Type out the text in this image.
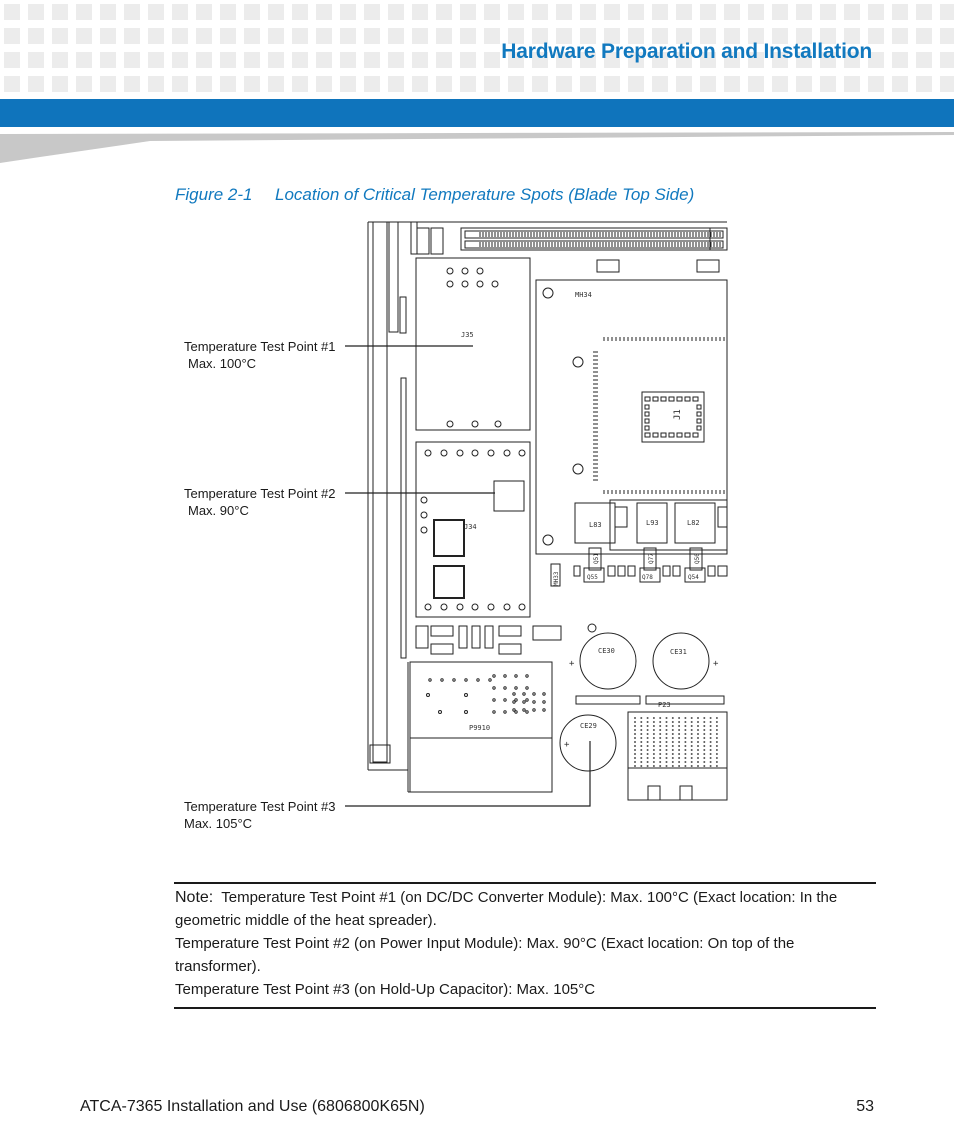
Hardware Preparation and Installation
Figure 2-1 Location of Critical Temperature Spots (Blade Top Side)
J35
J34
P9910
MH34
L83	L93	L82
Q55	Q78	Q54
CE30	CE31
CE29
P23
+	+
+
J1
Q51	Q77	Q50
MH33
Temperature Test Point #1
Max. 100°C
Temperature Test Point #2
Max. 90°C
Temperature Test Point #3
Max. 105°C

Note: Temperature Test Point #1 (on DC/DC Converter Module): Max. 100°C (Exact location: In the geometric middle of the heat spreader).

Temperature Test Point #2 (on Power Input Module): Max. 90°C (Exact location: On top of the transformer).

Temperature Test Point #3 (on Hold-Up Capacitor): Max. 105°C

ATCA-7365 Installation and Use (6806800K65N)	53
